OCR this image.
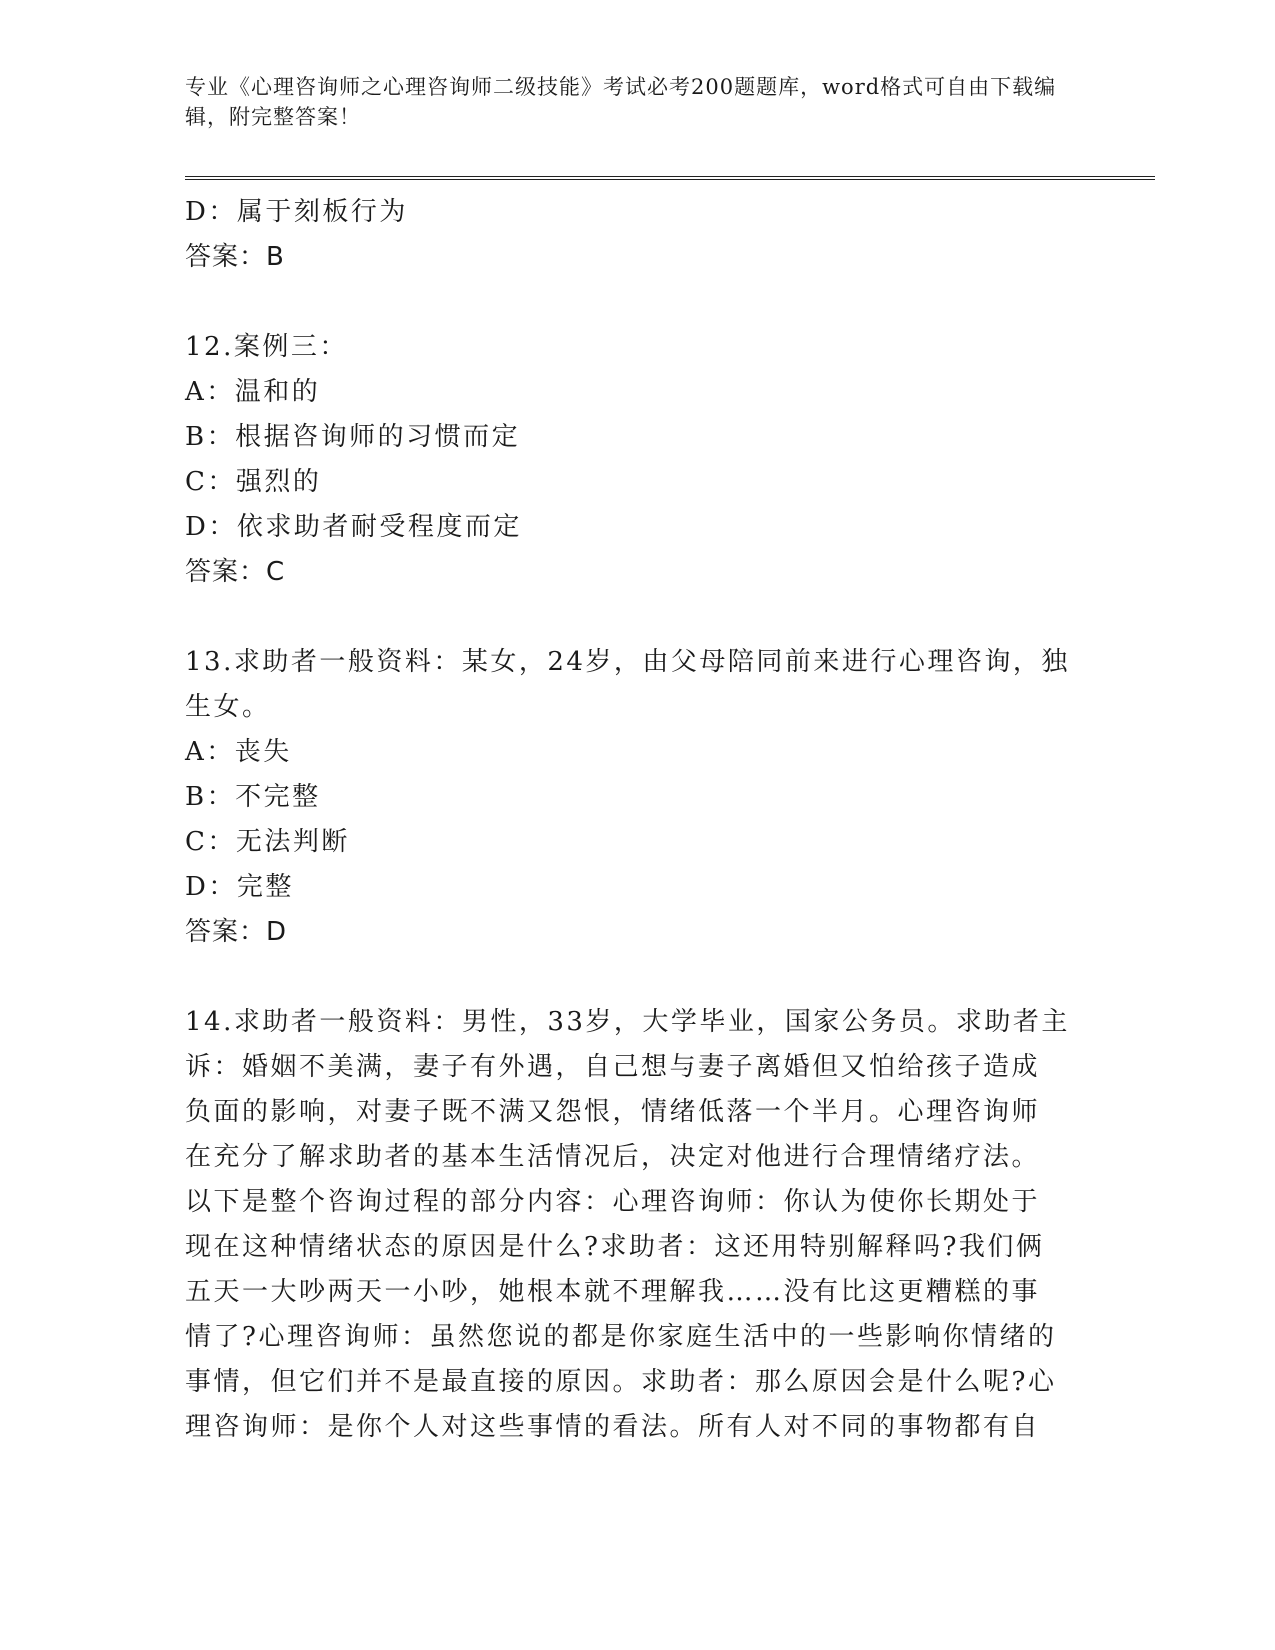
专业《心理咨询师之心理咨询师二级技能》考试必考200题题库，word格式可自由下载编辑，附完整答案！
D：属于刻板行为
答案：B
12.案例三：
A：温和的
B：根据咨询师的习惯而定
C：强烈的
D：依求助者耐受程度而定
答案：C
13.求助者一般资料：某女，24岁，由父母陪同前来进行心理咨询，独
生女。
A：丧失
B：不完整
C：无法判断
D：完整
答案：D
14.求助者一般资料：男性，33岁，大学毕业，国家公务员。求助者主
诉：婚姻不美满，妻子有外遇，自己想与妻子离婚但又怕给孩子造成
负面的影响，对妻子既不满又怨恨，情绪低落一个半月。心理咨询师
在充分了解求助者的基本生活情况后，决定对他进行合理情绪疗法。
以下是整个咨询过程的部分内容：心理咨询师：你认为使你长期处于
现在这种情绪状态的原因是什么?求助者：这还用特别解释吗?我们俩
五天一大吵两天一小吵，她根本就不理解我……没有比这更糟糕的事
情了?心理咨询师：虽然您说的都是你家庭生活中的一些影响你情绪的
事情，但它们并不是最直接的原因。求助者：那么原因会是什么呢?心
理咨询师：是你个人对这些事情的看法。所有人对不同的事物都有自
